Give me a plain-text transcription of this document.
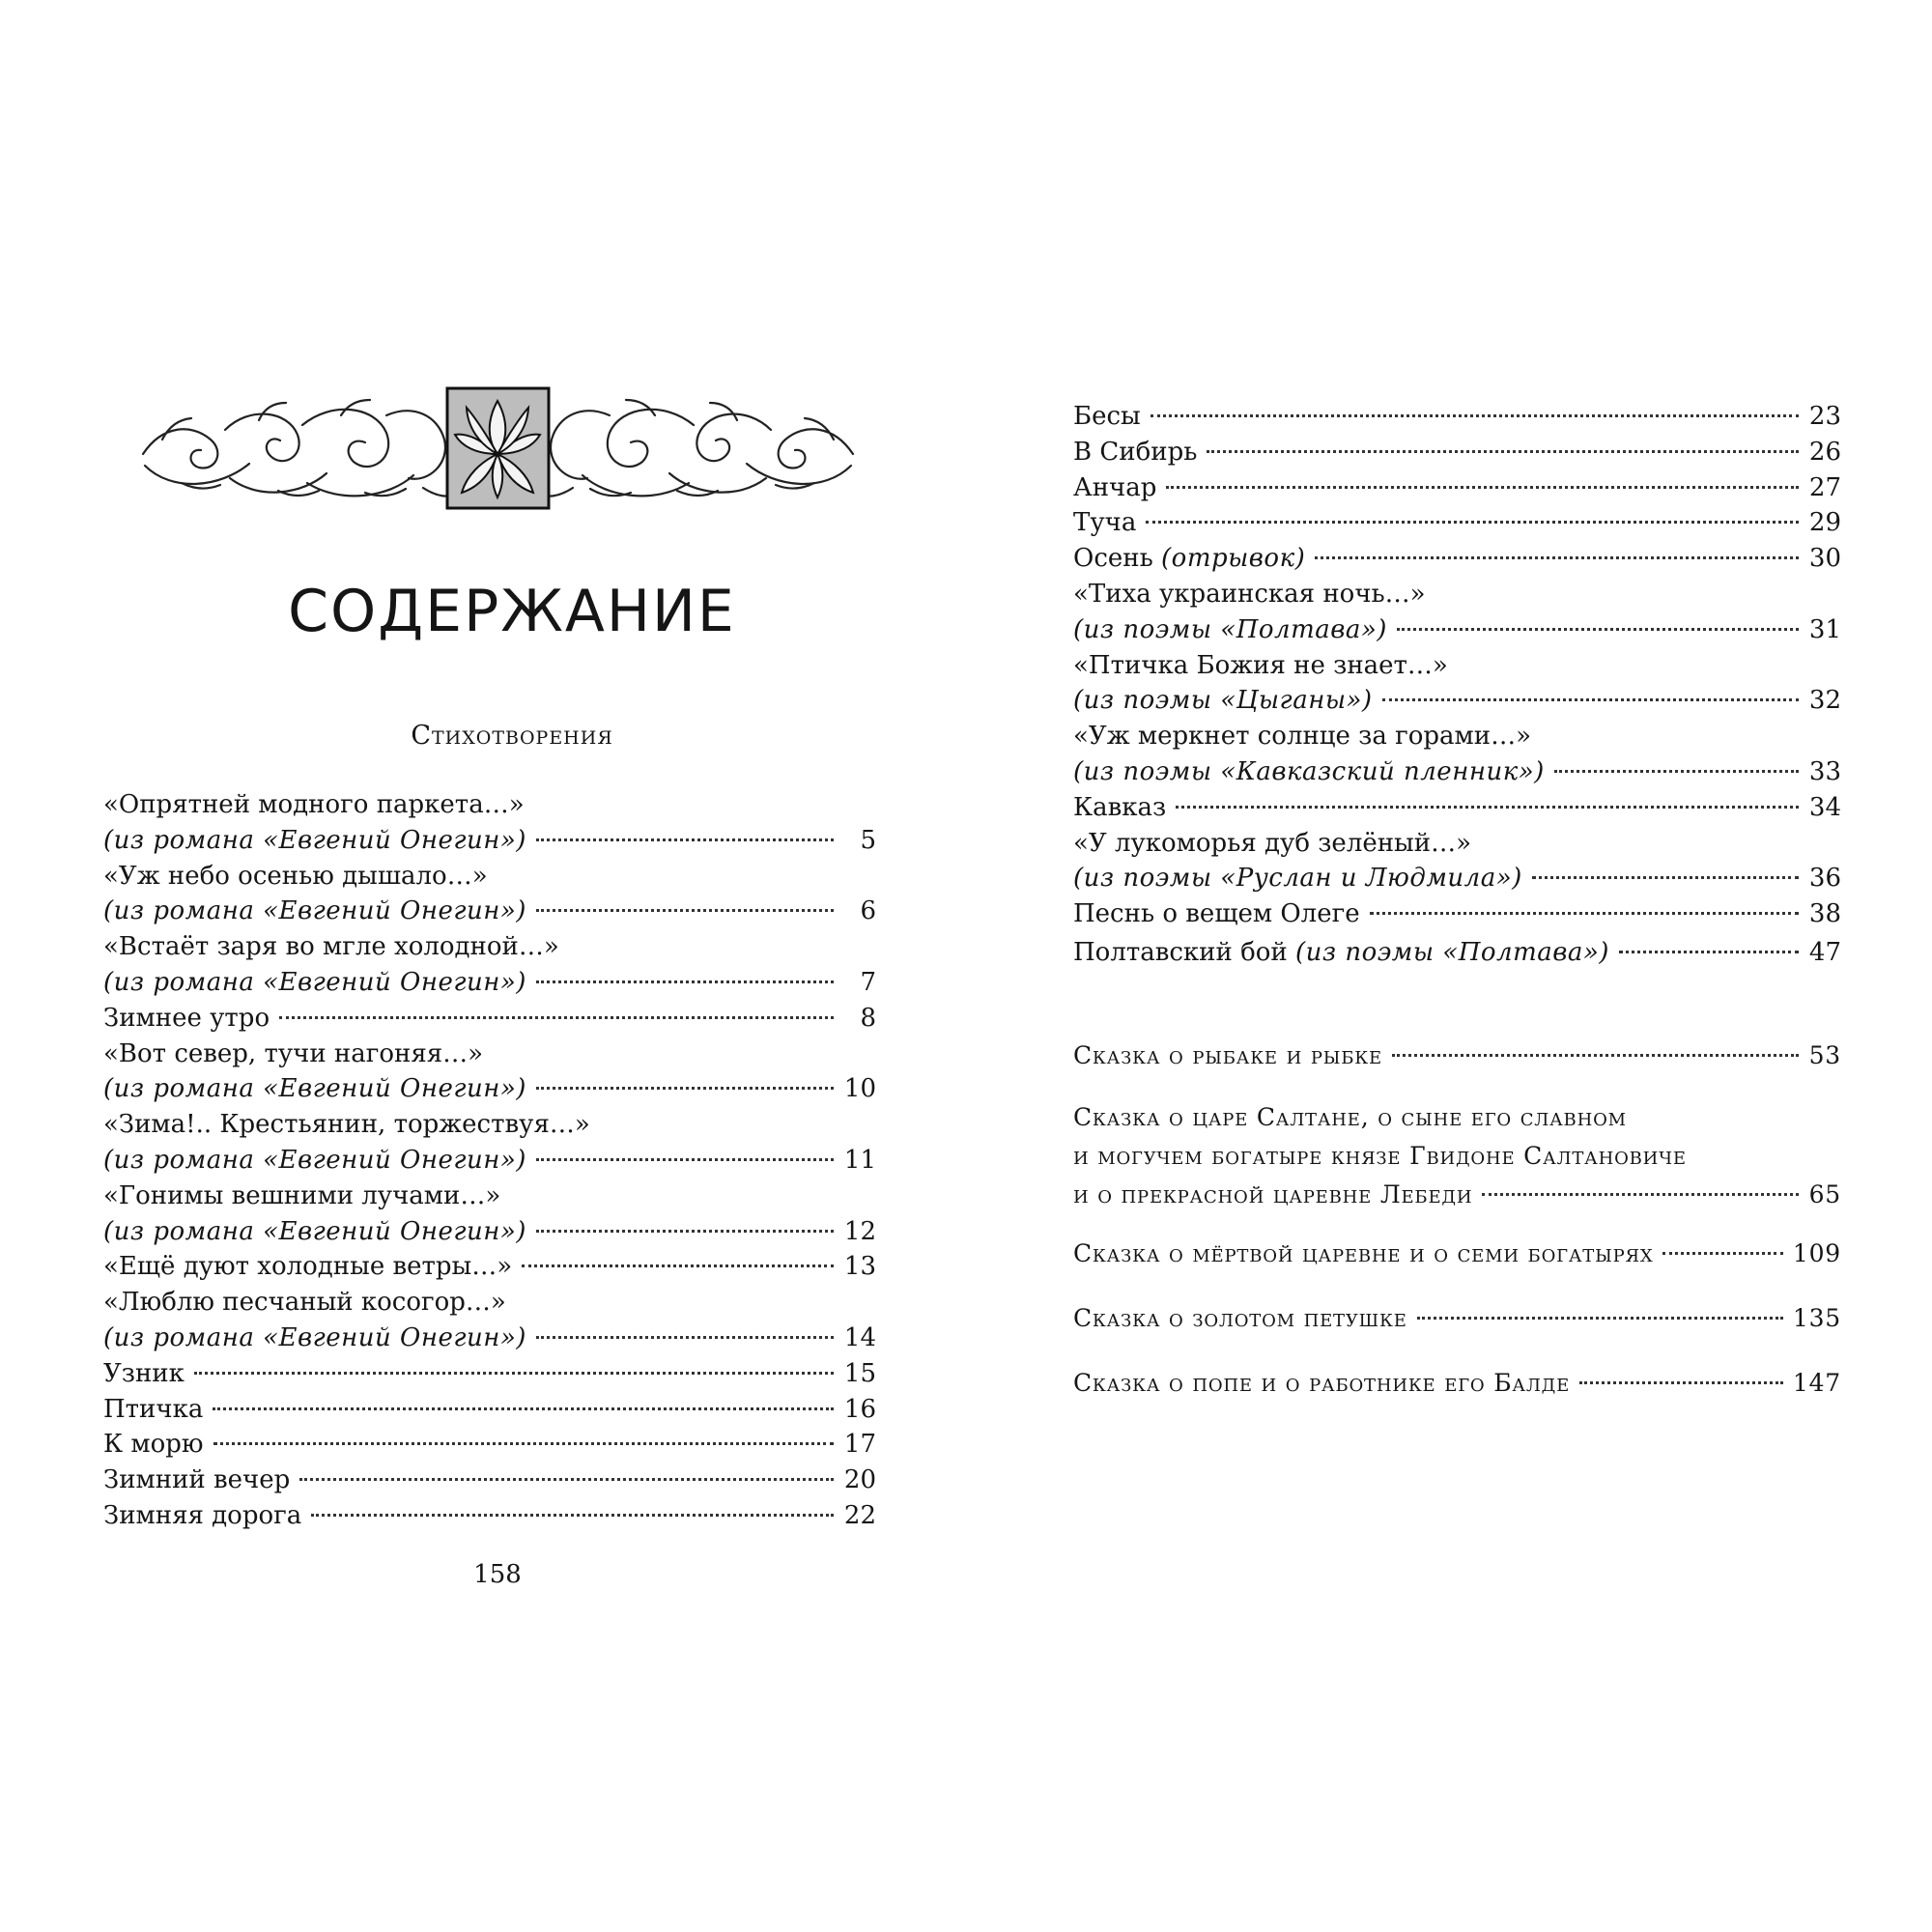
СОДЕРЖАНИЕ
Стихотворения
«Опрятней модного паркета…»
(из романа «Евгений Онегин»)	5
«Уж небо осенью дышало…»
(из романа «Евгений Онегин»)	6
«Встаёт заря во мгле холодной…»
(из романа «Евгений Онегин»)	7
Зимнее утро	8
«Вот север, тучи нагоняя…»
(из романа «Евгений Онегин»)	10
«Зима!.. Крестьянин, торжествуя…»
(из романа «Евгений Онегин»)	11
«Гонимы вешними лучами…»
(из романа «Евгений Онегин»)	12
«Ещё дуют холодные ветры…»	13
«Люблю песчаный косогор…»
(из романа «Евгений Онегин»)	14
Узник	15
Птичка	16
К морю	17
Зимний вечер	20
Зимняя дорога	22
158
Бесы	23
В Сибирь	26
Анчар	27
Туча	29
Осень (отрывок)	30
«Тиха украинская ночь…»
(из поэмы «Полтава»)	31
«Птичка Божия не знает…»
(из поэмы «Цыганы»)	32
«Уж меркнет солнце за горами…»
(из поэмы «Кавказский пленник»)	33
Кавказ	34
«У лукоморья дуб зелёный…»
(из поэмы «Руслан и Людмила»)	36
Песнь о вещем Олеге	38
Полтавский бой (из поэмы «Полтава»)	47
Сказка о рыбаке и рыбке	53
Сказка о царе Салтане, о сыне его славном
и могучем богатыре князе Гвидоне Салтановиче
и о прекрасной царевне Лебеди	65
Сказка о мёртвой царевне и о семи богатырях	109
Сказка о золотом петушке	135
Сказка о попе и о работнике его Балде	147
